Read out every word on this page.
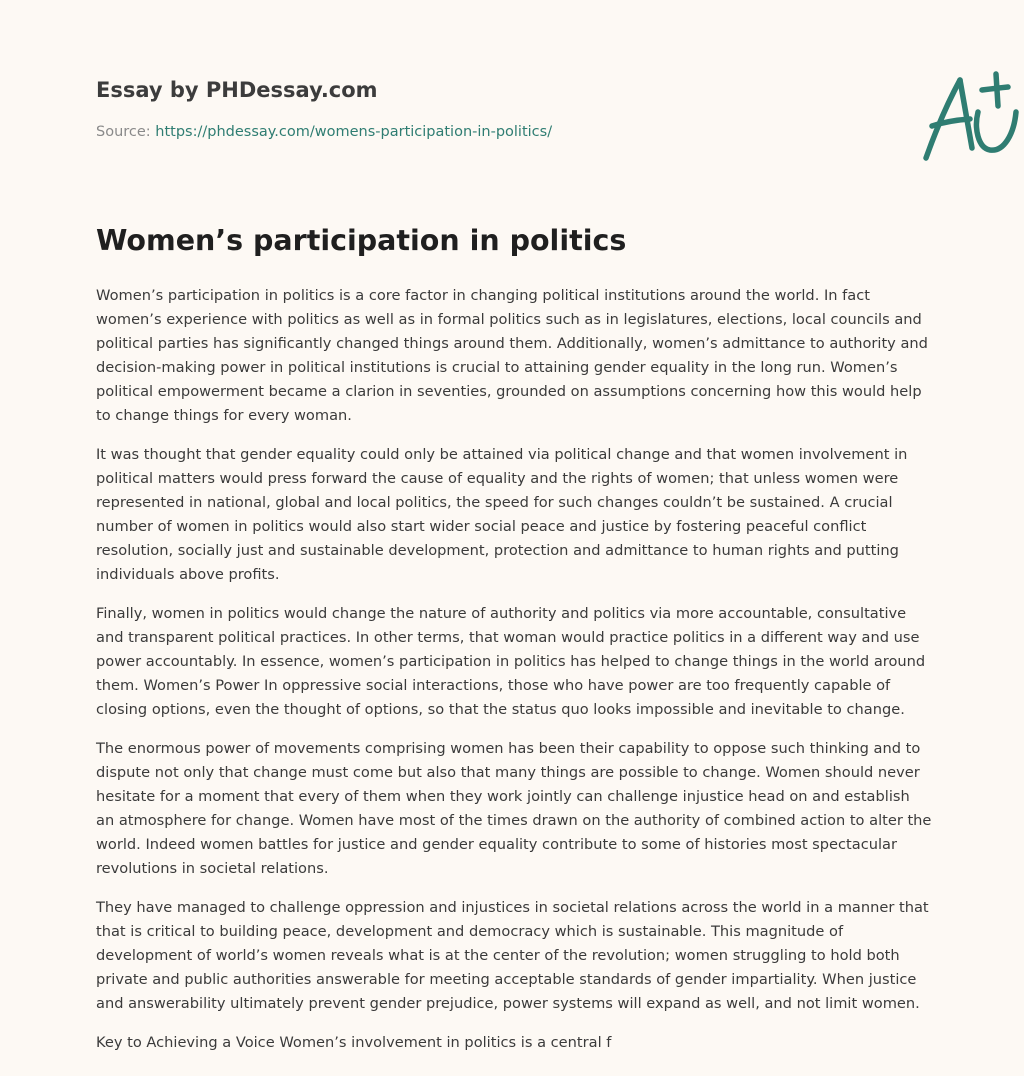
Essay by PHDessay.com
Source: https://phdessay.com/womens-participation-in-politics/
Women’s participation in politics

Women’s participation in politics is a core factor in changing political institutions around the world. In fact women’s experience with politics as well as in formal politics such as in legislatures, elections, local councils and political parties has significantly changed things around them. Additionally, women’s admittance to authority and decision-making power in political institutions is crucial to attaining gender equality in the long run. Women’s political empowerment became a clarion in seventies, grounded on assumptions concerning how this would help to change things for every woman.

It was thought that gender equality could only be attained via political change and that women involvement in political matters would press forward the cause of equality and the rights of women; that unless women were represented in national, global and local politics, the speed for such changes couldn’t be sustained. A crucial number of women in politics would also start wider social peace and justice by fostering peaceful conflict resolution, socially just and sustainable development, protection and admittance to human rights and putting individuals above profits.

Finally, women in politics would change the nature of authority and politics via more accountable, consultative and transparent political practices. In other terms, that woman would practice politics in a different way and use power accountably. In essence, women’s participation in politics has helped to change things in the world around them. Women’s Power In oppressive social interactions, those who have power are too frequently capable of closing options, even the thought of options, so that the status quo looks impossible and inevitable to change.

The enormous power of movements comprising women has been their capability to oppose such thinking and to dispute not only that change must come but also that many things are possible to change. Women should never hesitate for a moment that every of them when they work jointly can challenge injustice head on and establish an atmosphere for change. Women have most of the times drawn on the authority of combined action to alter the world. Indeed women battles for justice and gender equality contribute to some of histories most spectacular revolutions in societal relations.

They have managed to challenge oppression and injustices in societal relations across the world in a manner that that is critical to building peace, development and democracy which is sustainable. This magnitude of development of world’s women reveals what is at the center of the revolution; women struggling to hold both private and public authorities answerable for meeting acceptable standards of gender impartiality. When justice and answerability ultimately prevent gender prejudice, power systems will expand as well, and not limit women.

Key to Achieving a Voice Women’s involvement in politics is a central f
